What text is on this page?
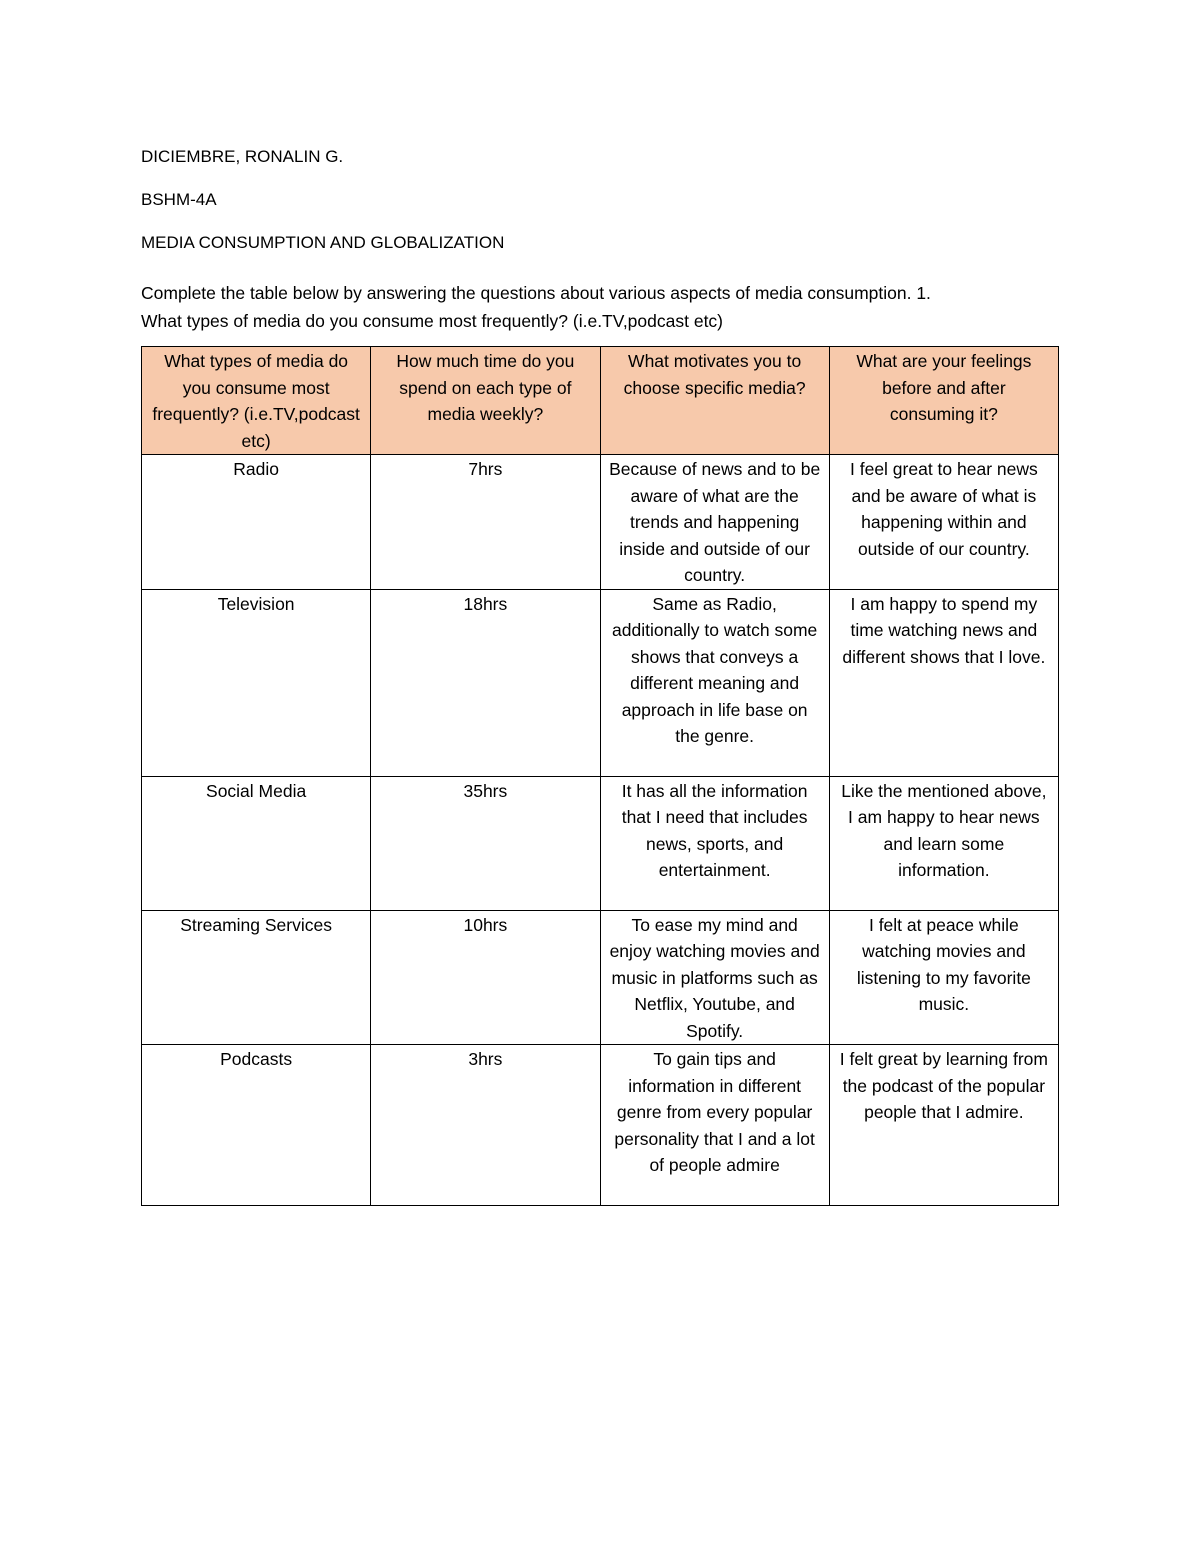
DICIEMBRE, RONALIN G.
BSHM-4A
MEDIA CONSUMPTION AND GLOBALIZATION
Complete the table below by answering the questions about various aspects of media consumption. 1.
What types of media do you consume most frequently? (i.e.TV,podcast etc)
What types of media do you consume most frequently? (i.e.TV,podcast etc)	How much time do you spend on each type of media weekly?	What motivates you to choose specific media?	What are your feelings before and after consuming it?
Radio	7hrs	Because of news and to be aware of what are the trends and happening inside and outside of our country.	I feel great to hear news and be aware of what is happening within and outside of our country.
Television	18hrs	Same as Radio, additionally to watch some shows that conveys a different meaning and approach in life base on the genre.	I am happy to spend my time watching news and different shows that I love.
Social Media	35hrs	It has all the information that I need that includes news, sports, and entertainment.	Like the mentioned above, I am happy to hear news and learn some information.
Streaming Services	10hrs	To ease my mind and enjoy watching movies and music in platforms such as Netflix, Youtube, and Spotify.	I felt at peace while watching movies and listening to my favorite music.
Podcasts	3hrs	To gain tips and information in different genre from every popular personality that I and a lot of people admire	I felt great by learning from the podcast of the popular people that I admire.
